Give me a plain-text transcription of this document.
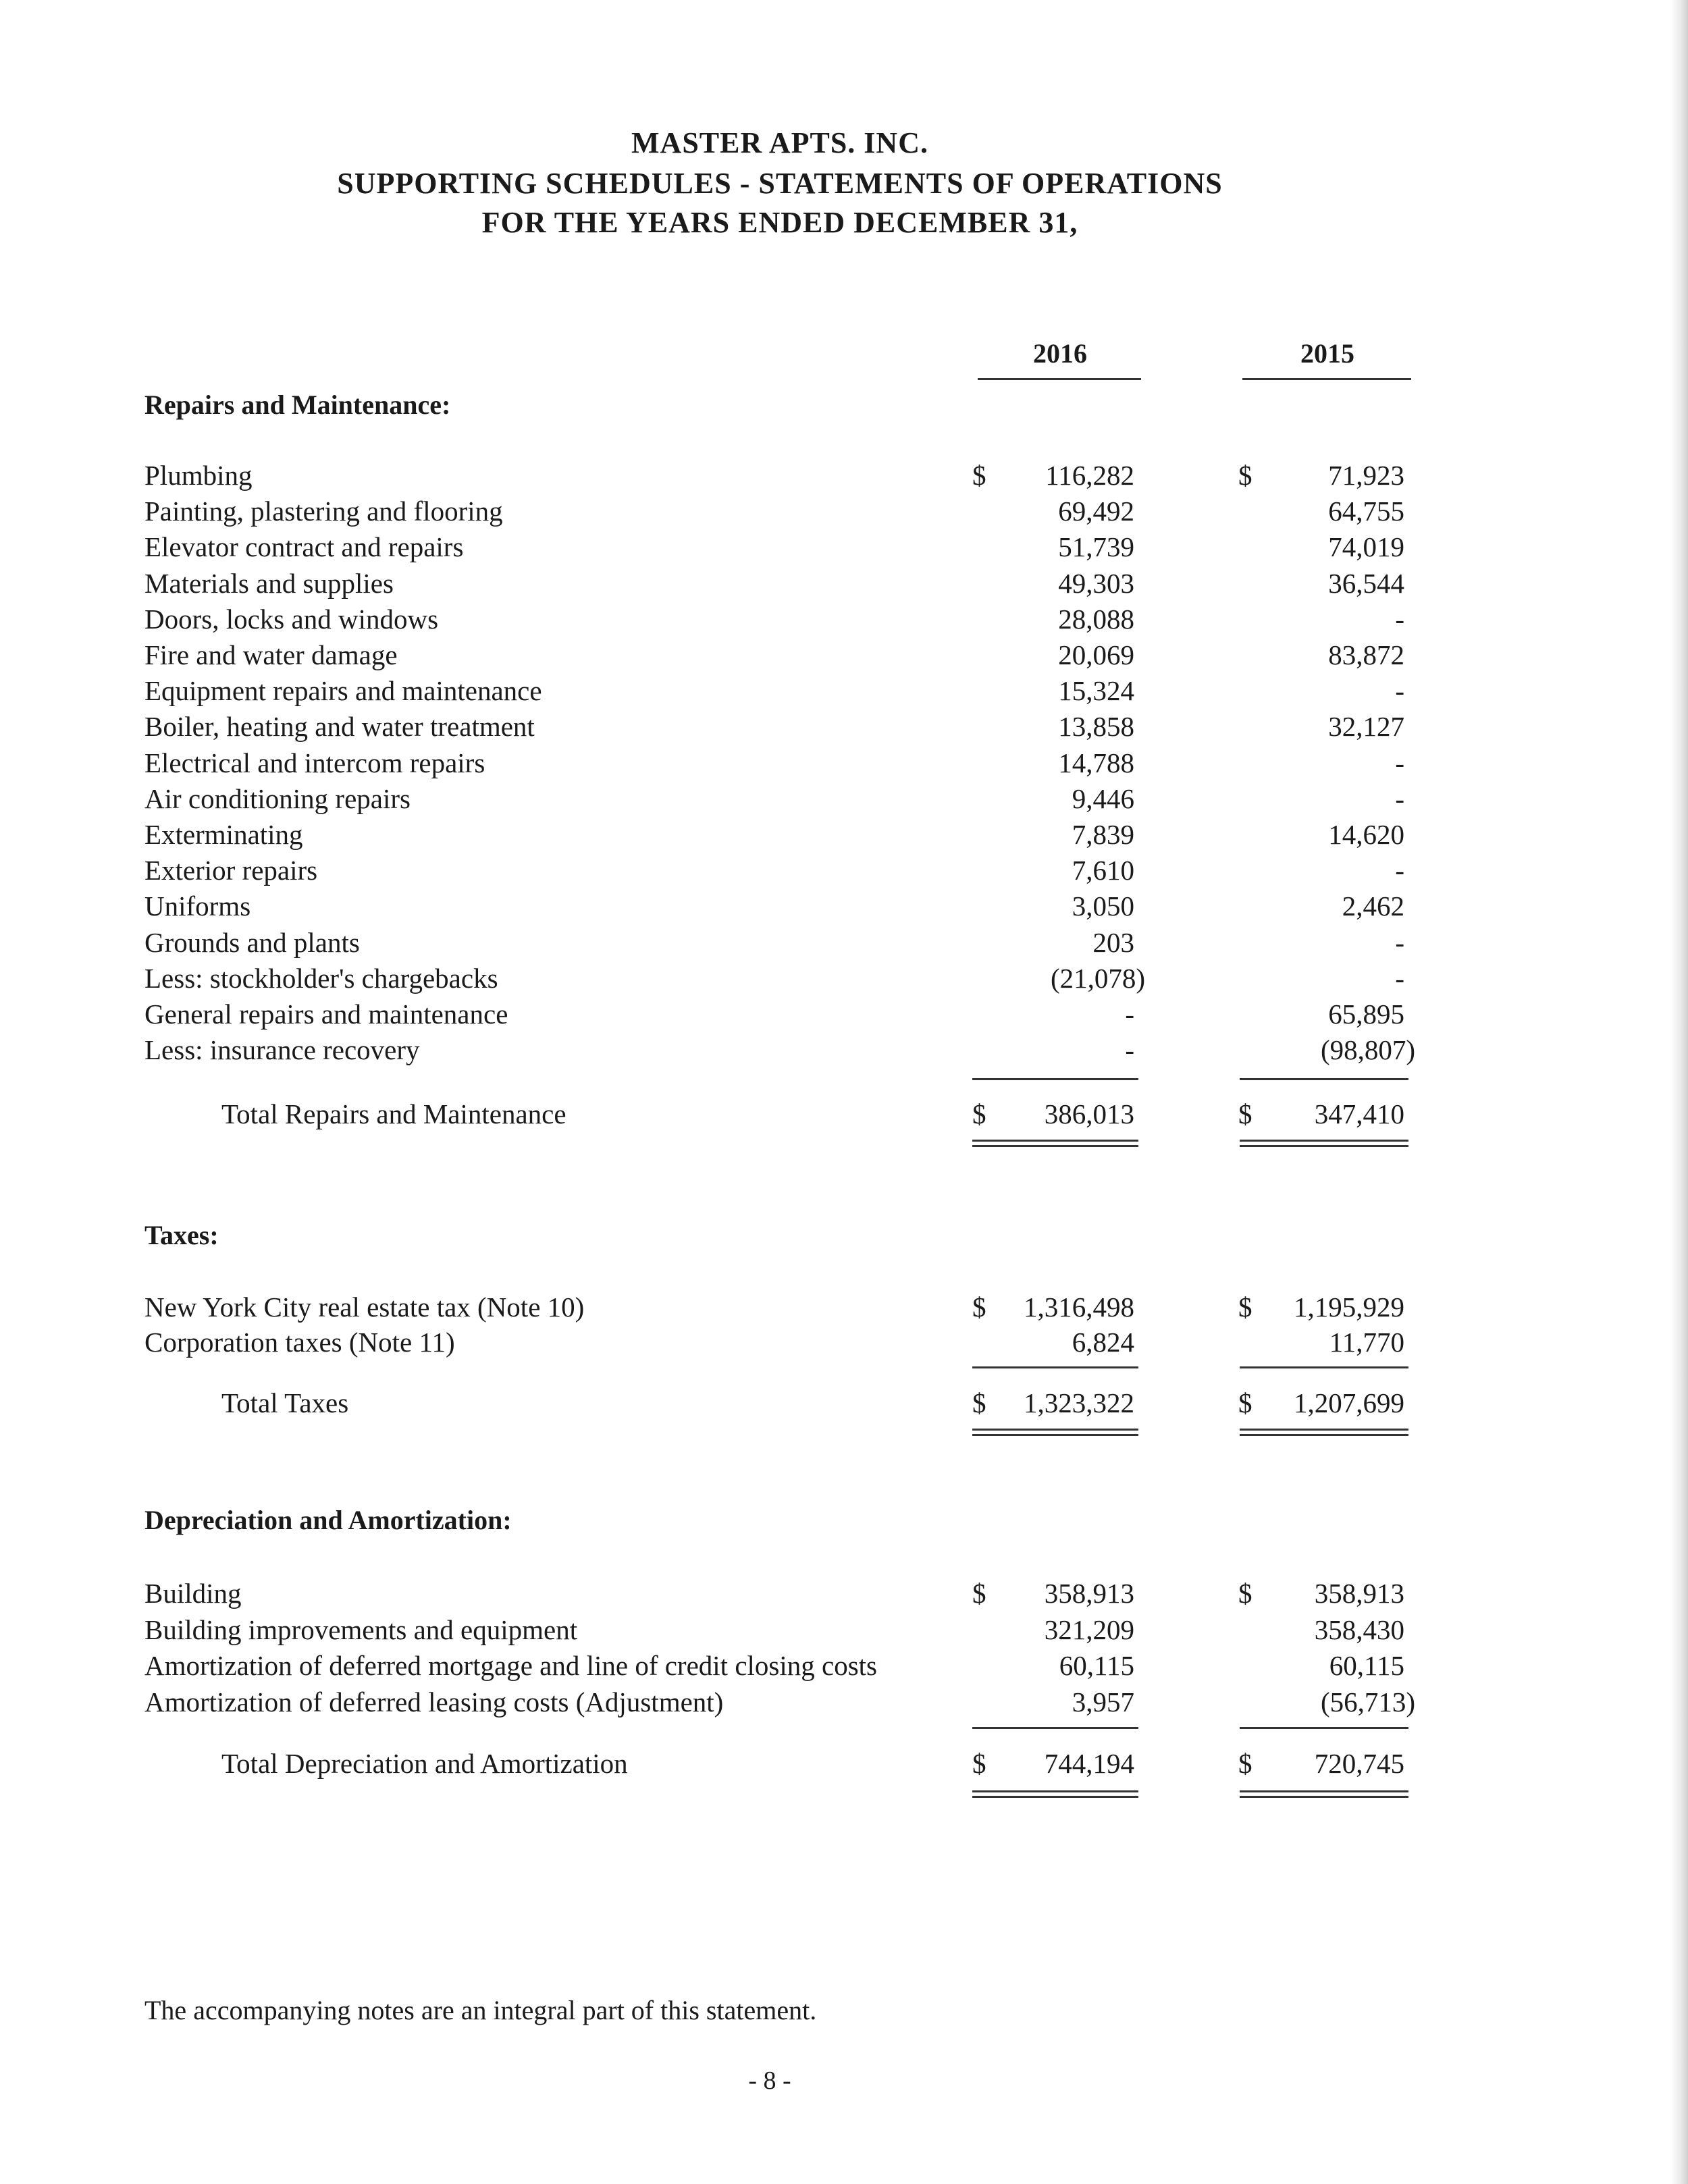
MASTER APTS. INC.
SUPPORTING SCHEDULES - STATEMENTS OF OPERATIONS
FOR THE YEARS ENDED DECEMBER 31,
2016	2015
Repairs and Maintenance:
Plumbing	$ 116,282	$	71,923
Painting, plastering and flooring	69,492	64,755
Elevator contract and repairs	51,739	74,019
Materials and supplies	49,303	36,544
Doors, locks and windows	28,088	-
Fire and water damage	20,069	83,872
Equipment repairs and maintenance	15,324	-
Boiler, heating and water treatment	13,858	32,127
Electrical and intercom repairs	14,788	-
Air conditioning repairs	9,446	-
Exterminating	7,839	14,620
Exterior repairs	7,610	-
Uniforms	3,050	2,462
Grounds and plants	203	-
Less: stockholder's chargebacks	(21,078)	-
General repairs and maintenance	-	65,895
Less: insurance recovery	-	(98,807)
Total Repairs and Maintenance	$ 386,013	$ 347,410
Taxes:
New York City real estate tax (Note 10)	$ 1,316,498	$ 1,195,929
Corporation taxes (Note 11)	6,824	11,770
Total Taxes	$ 1,323,322	$ 1,207,699
Depreciation and Amortization:
Building	$ 358,913	$ 358,913
Building improvements and equipment	321,209	358,430
Amortization of deferred mortgage and line of credit closing costs	60,115	60,115
Amortization of deferred leasing costs (Adjustment)	3,957	(56,713)
Total Depreciation and Amortization	$ 744,194	$ 720,745
The accompanying notes are an integral part of this statement.
- 8 -
